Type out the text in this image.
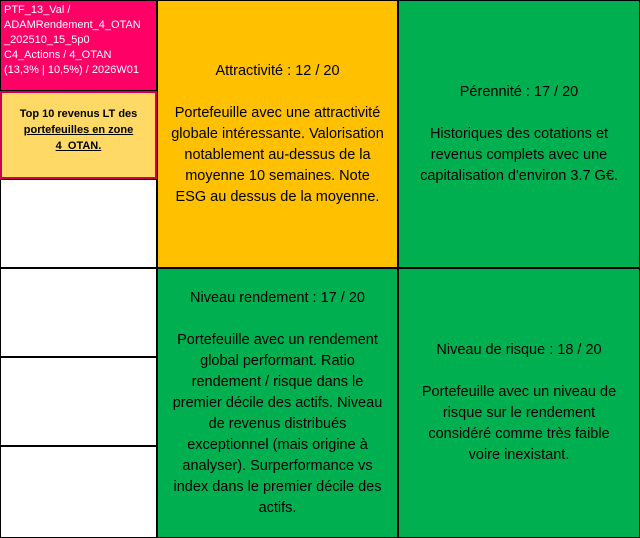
PTF_13_Val /
ADAMRendement_4_OTAN
_202510_15_5p0
C4_Actions / 4_OTAN
(13,3% | 10,5%) / 2026W01
Top 10 revenus LT des
portefeuilles en zone
4_OTAN.
Attractivité : 12 / 20
Portefeuille avec une attractivité globale intéressante. Valorisation notablement au-dessus de la moyenne 10 semaines. Note ESG au dessus de la moyenne.
Pérennité : 17 / 20
Historiques des cotations et revenus complets avec une capitalisation d'environ 3.7 G€.
Niveau rendement : 17 / 20
Portefeuille avec un rendement global performant. Ratio rendement / risque dans le premier décile des actifs. Niveau de revenus distribués exceptionnel (mais origine à analyser). Surperformance vs index dans le premier décile des actifs.
Niveau de risque : 18 / 20
Portefeuille avec un niveau de risque sur le rendement considéré comme très faible voire inexistant.
